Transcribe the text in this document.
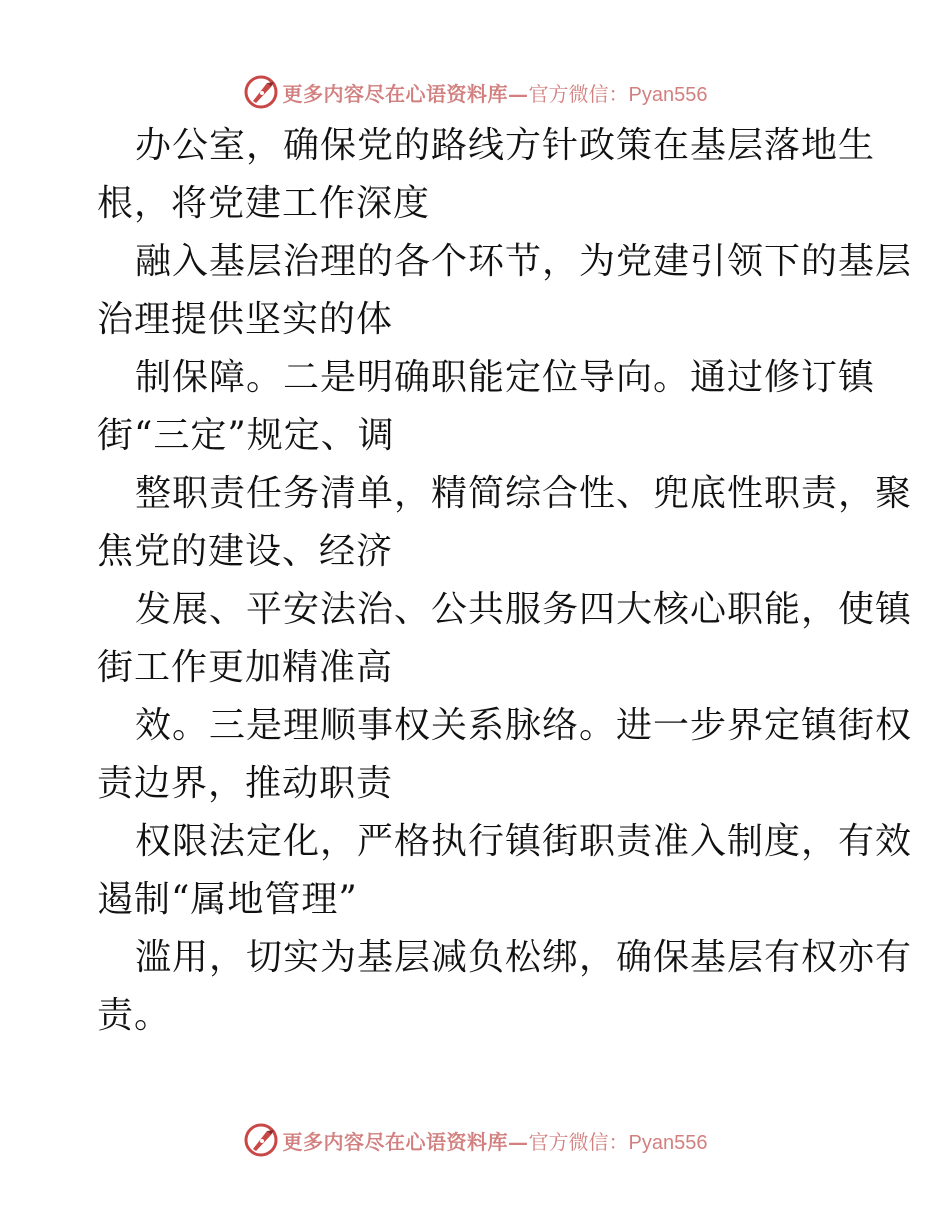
更多内容尽在心语资料库— 官方微信：Pyan556
办公室，确保党的路线方针政策在基层落地生
根，将党建工作深度
融入基层治理的各个环节，为党建引领下的基层
治理提供坚实的体
制保障。二是明确职能定位导向。通过修订镇
街“三定”规定、调
整职责任务清单，精简综合性、兜底性职责，聚
焦党的建设、经济
发展、平安法治、公共服务四大核心职能，使镇
街工作更加精准高
效。三是理顺事权关系脉络。进一步界定镇街权
责边界，推动职责
权限法定化，严格执行镇街职责准入制度，有效
遏制“属地管理”
滥用，切实为基层减负松绑，确保基层有权亦有
责。
更多内容尽在心语资料库— 官方微信：Pyan556
